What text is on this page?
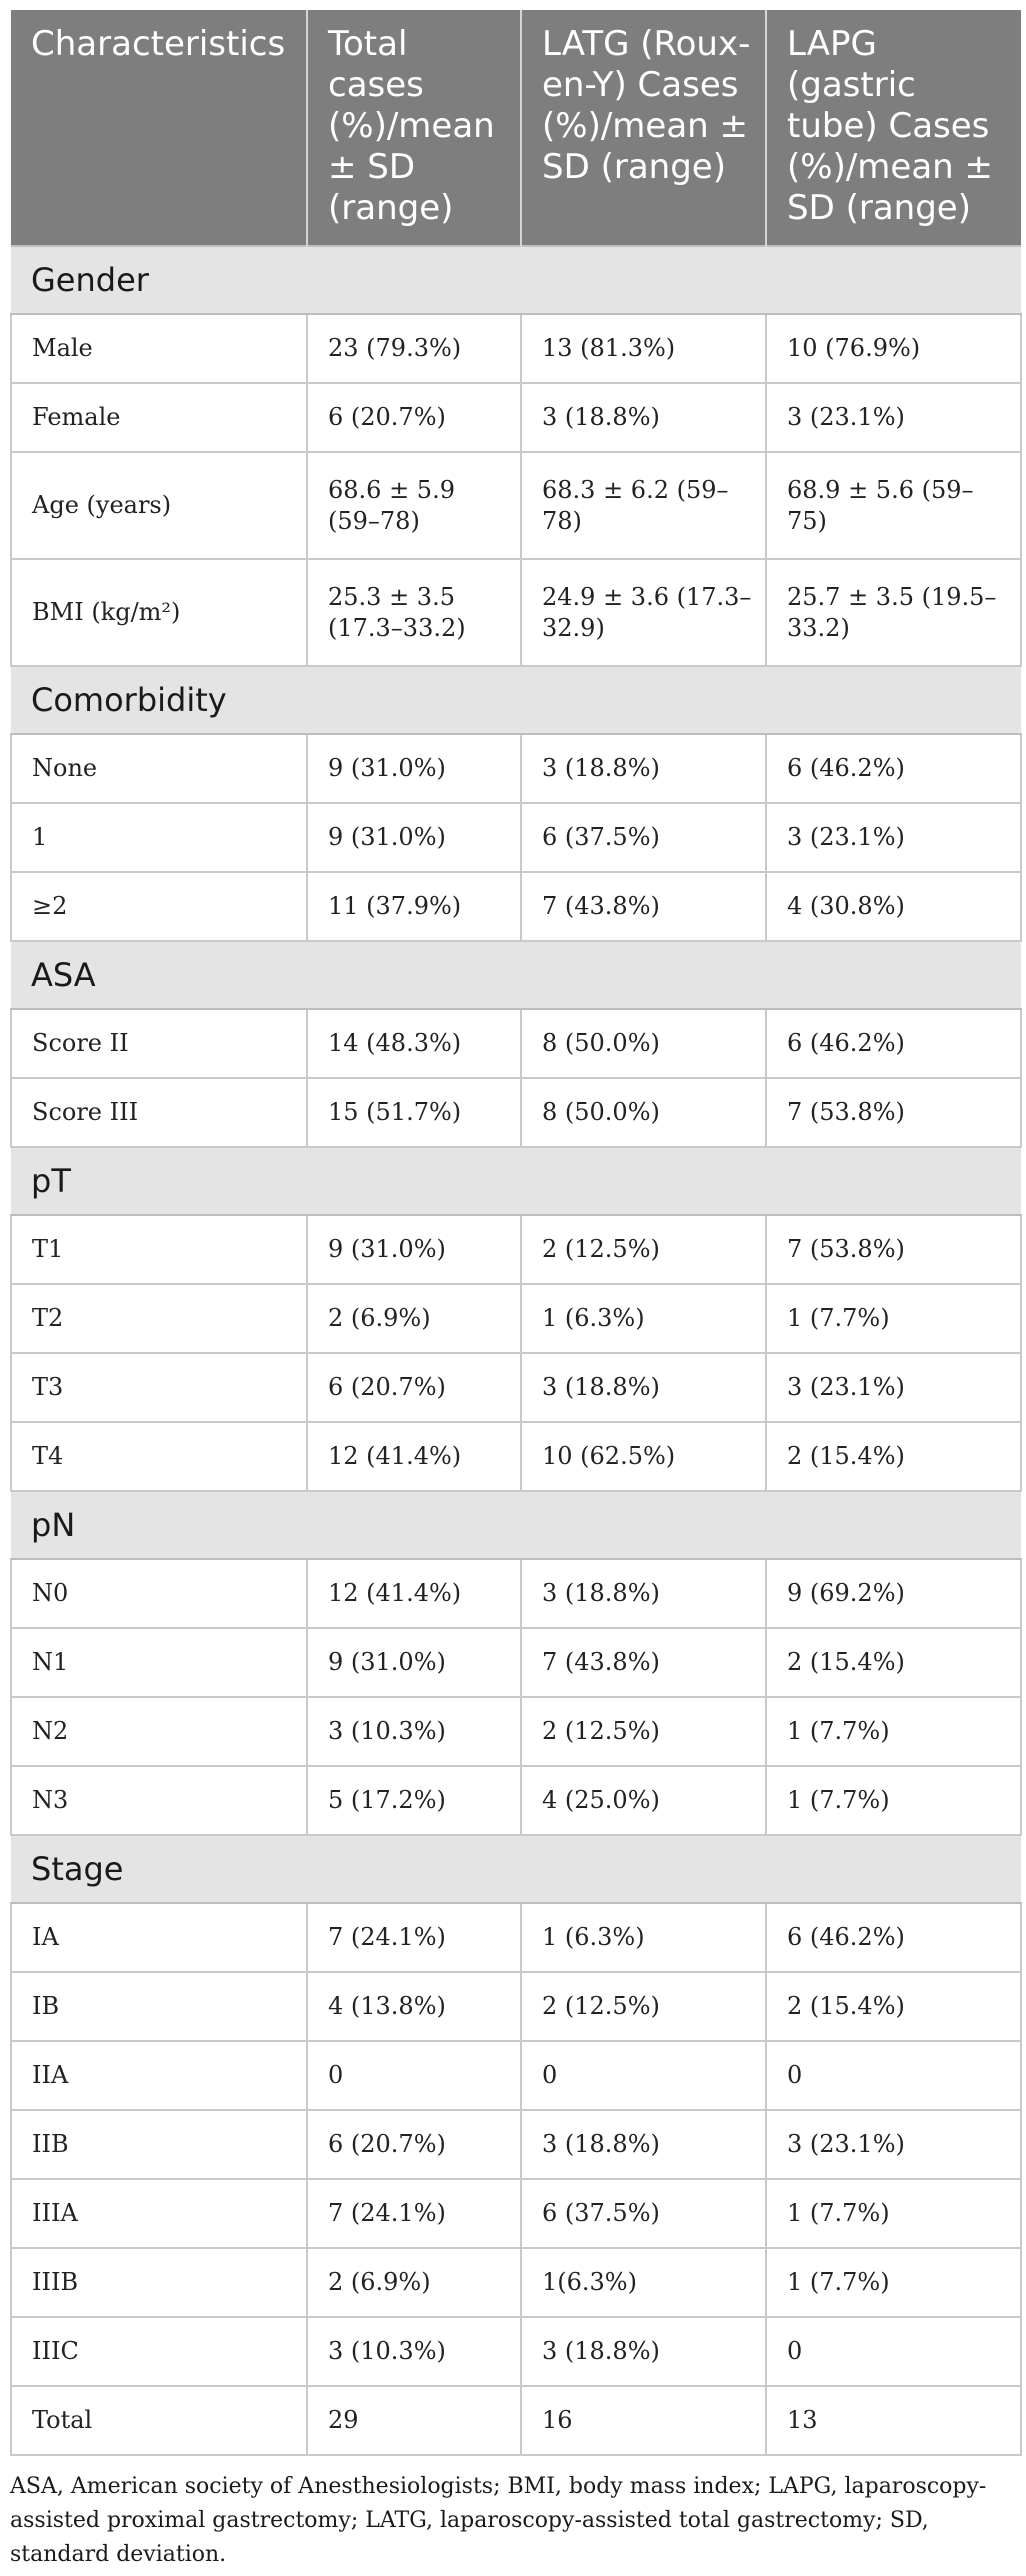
Characteristics	Total cases (%)/mean ± SD (range)	LATG (Roux-en-Y) Cases (%)/mean ± SD (range)	LAPG (gastric tube) Cases (%)/mean ± SD (range)
Gender			
Male	23 (79.3%)	13 (81.3%)	10 (76.9%)
Female	6 (20.7%)	3 (18.8%)	3 (23.1%)
Age (years)	68.6 ± 5.9 (59–78)	68.3 ± 6.2 (59–78)	68.9 ± 5.6 (59–75)
BMI (kg/m²)	25.3 ± 3.5 (17.3–33.2)	24.9 ± 3.6 (17.3–32.9)	25.7 ± 3.5 (19.5–33.2)
Comorbidity			
None	9 (31.0%)	3 (18.8%)	6 (46.2%)
1	9 (31.0%)	6 (37.5%)	3 (23.1%)
≥2	11 (37.9%)	7 (43.8%)	4 (30.8%)
ASA			
Score II	14 (48.3%)	8 (50.0%)	6 (46.2%)
Score III	15 (51.7%)	8 (50.0%)	7 (53.8%)
pT			
T1	9 (31.0%)	2 (12.5%)	7 (53.8%)
T2	2 (6.9%)	1 (6.3%)	1 (7.7%)
T3	6 (20.7%)	3 (18.8%)	3 (23.1%)
T4	12 (41.4%)	10 (62.5%)	2 (15.4%)
pN			
N0	12 (41.4%)	3 (18.8%)	9 (69.2%)
N1	9 (31.0%)	7 (43.8%)	2 (15.4%)
N2	3 (10.3%)	2 (12.5%)	1 (7.7%)
N3	5 (17.2%)	4 (25.0%)	1 (7.7%)
Stage			
IA	7 (24.1%)	1 (6.3%)	6 (46.2%)
IB	4 (13.8%)	2 (12.5%)	2 (15.4%)
IIA	0	0	0
IIB	6 (20.7%)	3 (18.8%)	3 (23.1%)
IIIA	7 (24.1%)	6 (37.5%)	1 (7.7%)
IIIB	2 (6.9%)	1(6.3%)	1 (7.7%)
IIIC	3 (10.3%)	3 (18.8%)	0
Total	29	16	13
ASA, American society of Anesthesiologists; BMI, body mass index; LAPG, laparoscopy-assisted proximal gastrectomy; LATG, laparoscopy-assisted total gastrectomy; SD, standard deviation.
